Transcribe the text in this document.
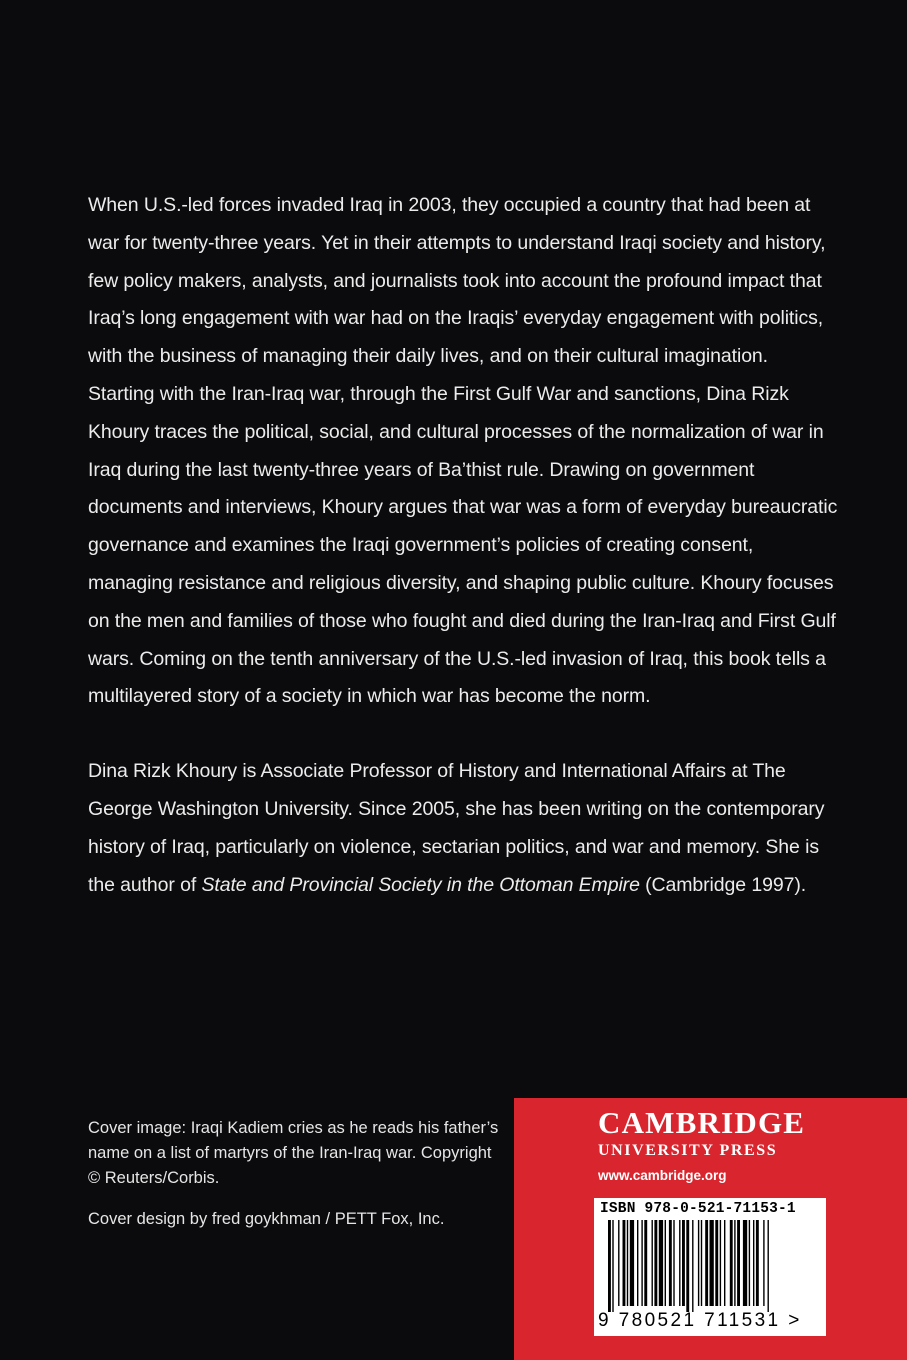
When U.S.-led forces invaded Iraq in 2003, they occupied a country that had been at war for twenty-three years. Yet in their attempts to understand Iraqi society and history, few policy makers, analysts, and journalists took into account the profound impact that Iraq’s long engagement with war had on the Iraqis’ everyday engagement with politics, with the business of managing their daily lives, and on their cultural imagination. Starting with the Iran-Iraq war, through the First Gulf War and sanctions, Dina Rizk Khoury traces the political, social, and cultural processes of the normalization of war in Iraq during the last twenty-three years of Ba’thist rule. Drawing on government documents and interviews, Khoury argues that war was a form of everyday bureaucratic governance and examines the Iraqi government’s policies of creating consent, managing resistance and religious diversity, and shaping public culture. Khoury focuses on the men and families of those who fought and died during the Iran-Iraq and First Gulf wars. Coming on the tenth anniversary of the U.S.-led invasion of Iraq, this book tells a multilayered story of a society in which war has become the norm.

Dina Rizk Khoury is Associate Professor of History and International Affairs at The George Washington University. Since 2005, she has been writing on the contemporary history of Iraq, particularly on violence, sectarian politics, and war and memory. She is the author of State and Provincial Society in the Ottoman Empire (Cambridge 1997).

Cover image: Iraqi Kadiem cries as he reads his father’s name on a list of martyrs of the Iran-Iraq war. Copyright © Reuters/Corbis.

Cover design by fred goykhman / PETT Fox, Inc.

CAMBRIDGE
UNIVERSITY PRESS
www.cambridge.org
ISBN 978-0-521-71153-1
9 780521 711531 >
